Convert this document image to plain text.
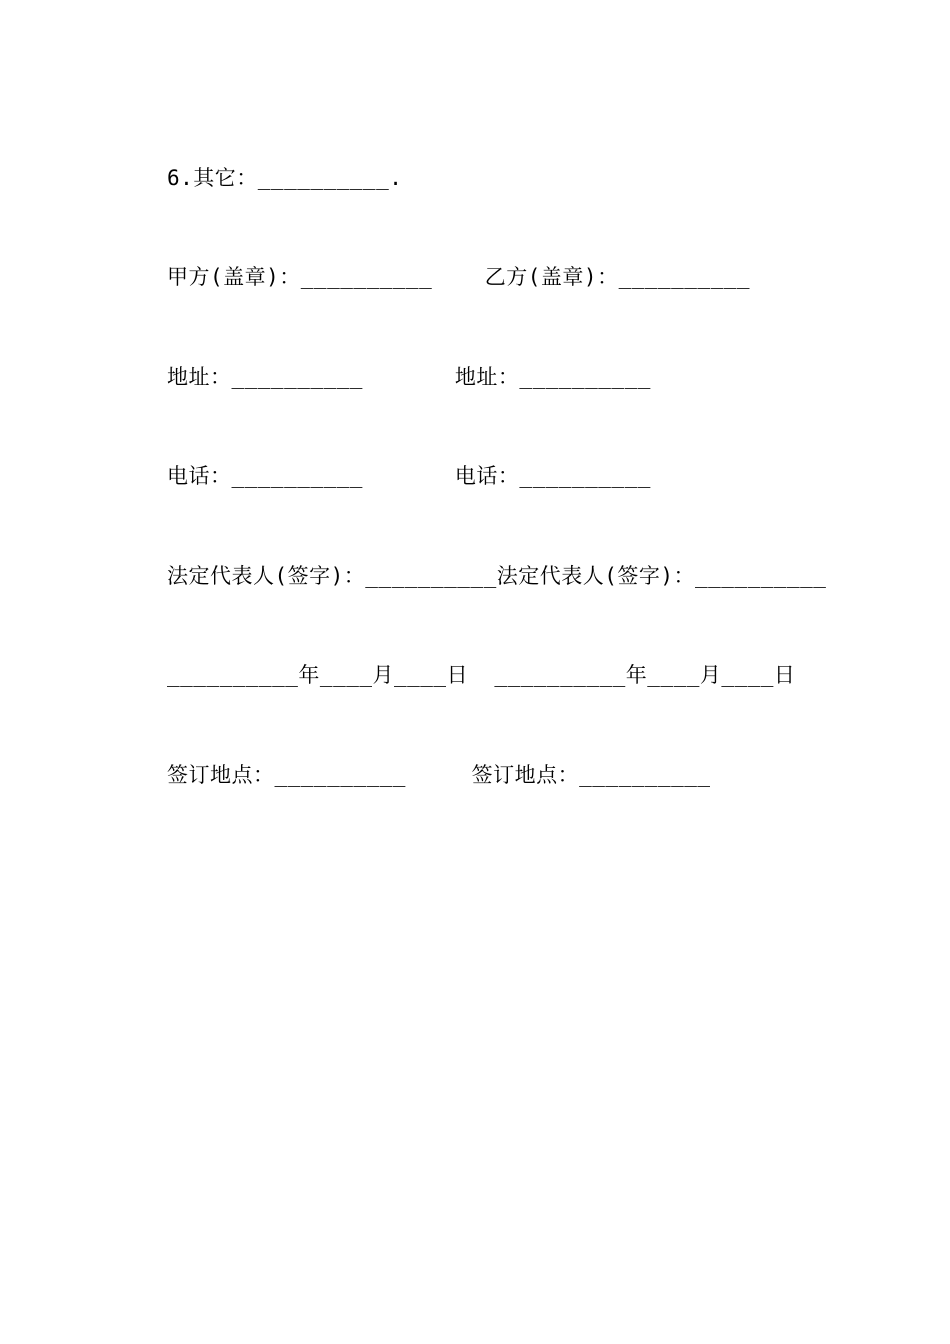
6.其它：__________.
甲方(盖章)：__________    乙方(盖章)：__________
地址：__________       地址：__________
电话：__________       电话：__________
法定代表人(签字)：__________法定代表人(签字)：__________
__________年____月____日  __________年____月____日
签订地点：__________     签订地点：__________
